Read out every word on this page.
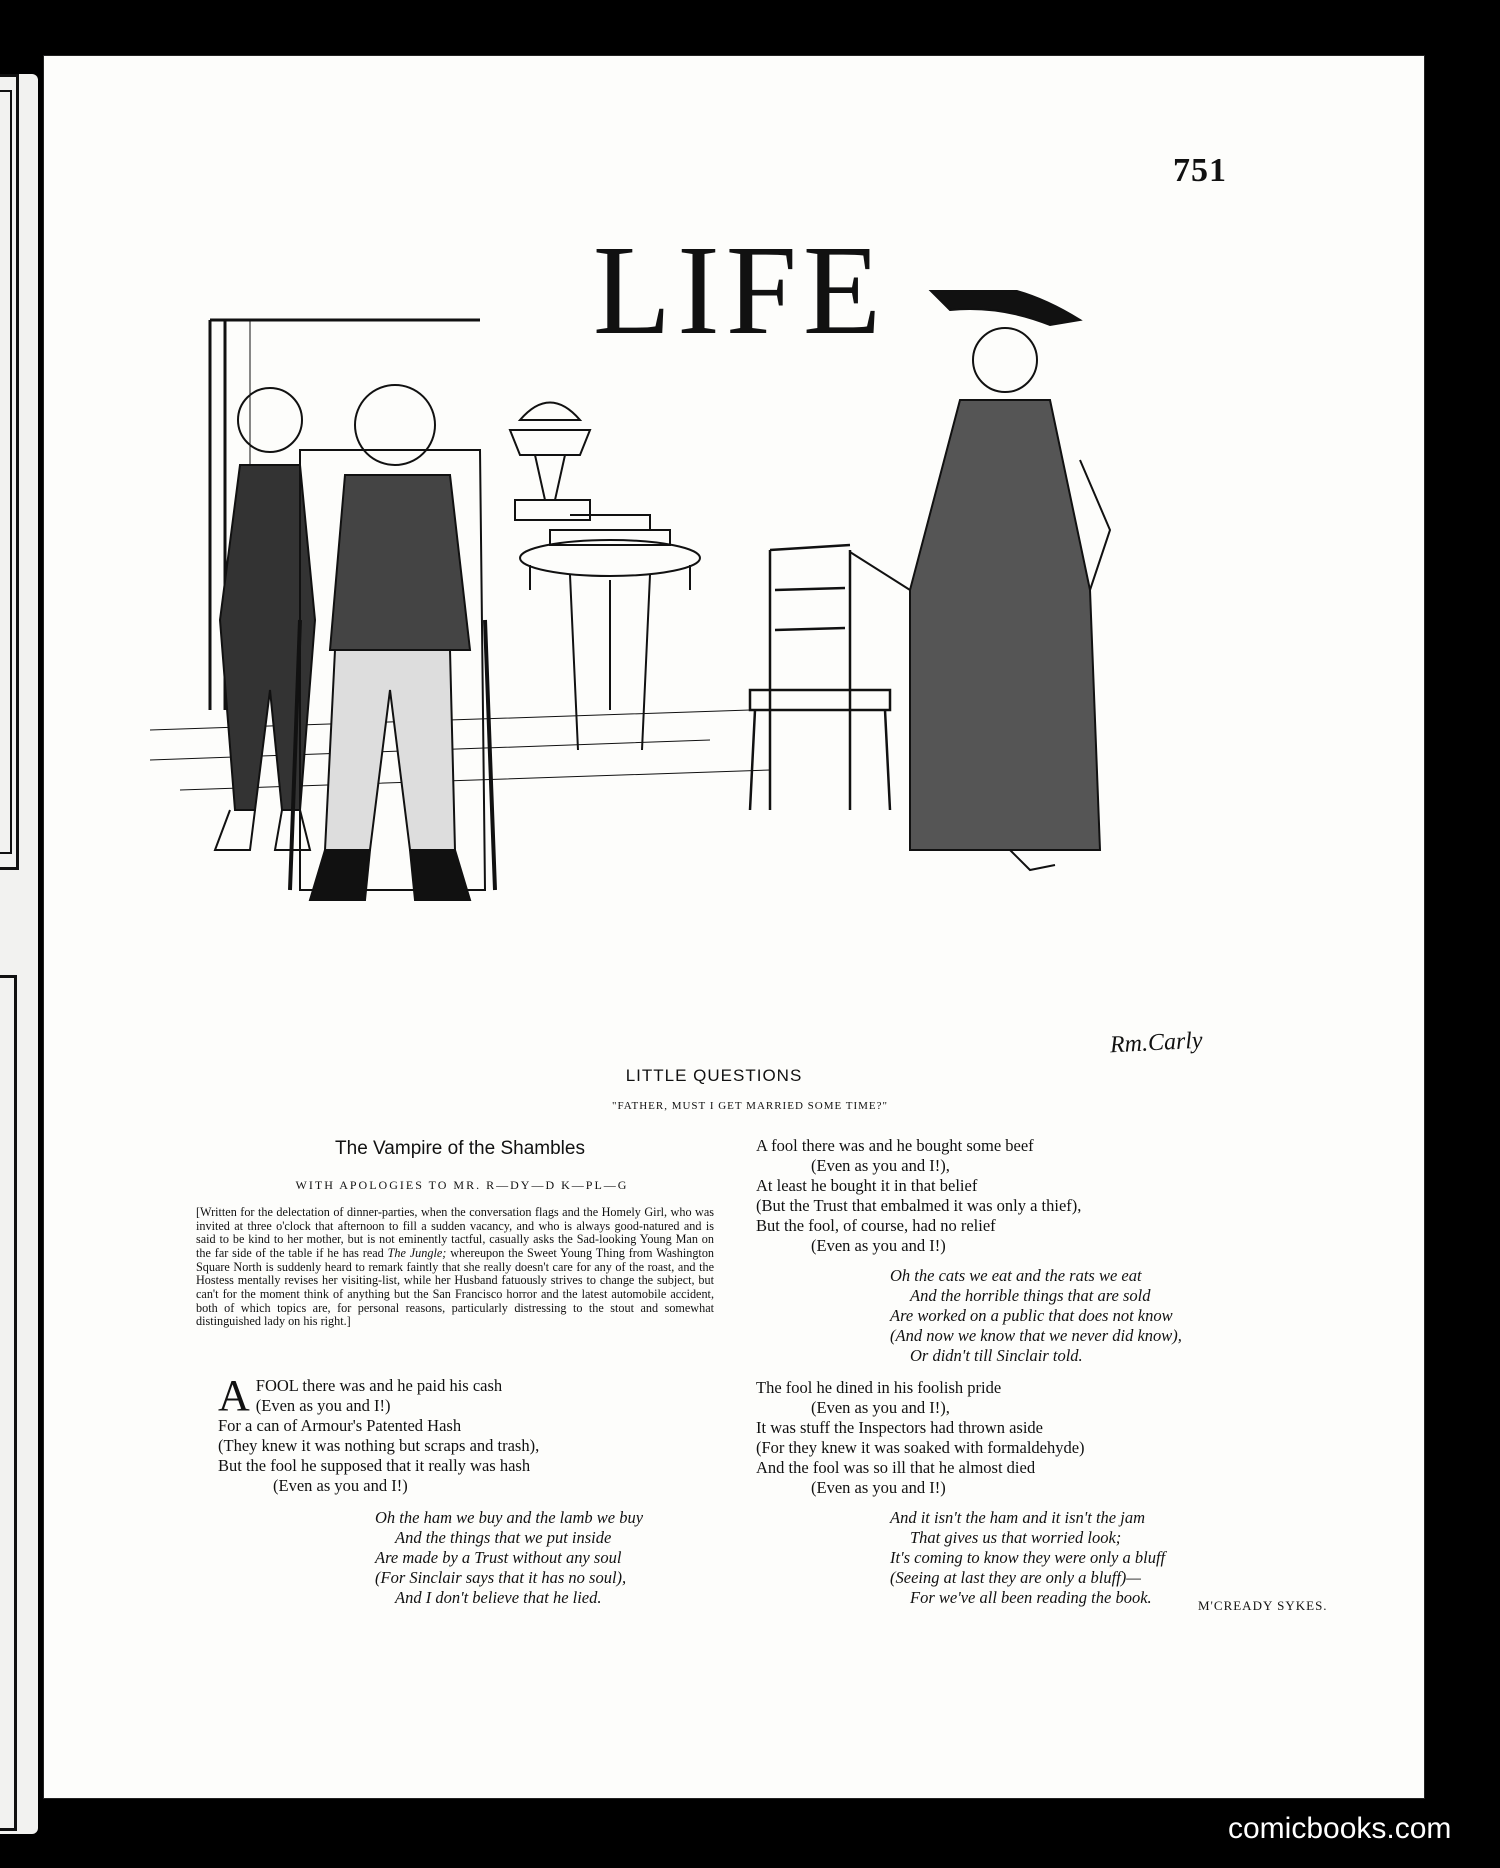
751
LIFE
Rm.Carly
LITTLE QUESTIONS
"FATHER, MUST I GET MARRIED SOME TIME?"
The Vampire of the Shambles
WITH APOLOGIES TO MR. R—DY—D K—PL—G
[Written for the delectation of dinner-parties, when the conversation flags and the Homely Girl, who was invited at three o'clock that afternoon to fill a sudden vacancy, and who is always good-natured and is said to be kind to her mother, but is not eminently tactful, casually asks the Sad-looking Young Man on the far side of the table if he has read The Jungle; whereupon the Sweet Young Thing from Washington Square North is suddenly heard to remark faintly that she really doesn't care for any of the roast, and the Hostess mentally revises her visiting-list, while her Husband fatuously strives to change the subject, but can't for the moment think of anything but the San Francisco horror and the latest automobile accident, both of which topics are, for personal reasons, particularly distressing to the stout and somewhat distinguished lady on his right.]
A FOOL there was and he paid his cash
(Even as you and I!)
For a can of Armour's Patented Hash
(They knew it was nothing but scraps and trash),
But the fool he supposed that it really was hash
(Even as you and I!)
Oh the ham we buy and the lamb we buy
And the things that we put inside
Are made by a Trust without any soul
(For Sinclair says that it has no soul),
And I don't believe that he lied.
A fool there was and he bought some beef
(Even as you and I!),
At least he bought it in that belief
(But the Trust that embalmed it was only a thief),
But the fool, of course, had no relief
(Even as you and I!)
Oh the cats we eat and the rats we eat
And the horrible things that are sold
Are worked on a public that does not know
(And now we know that we never did know),
Or didn't till Sinclair told.
The fool he dined in his foolish pride
(Even as you and I!),
It was stuff the Inspectors had thrown aside
(For they knew it was soaked with formaldehyde)
And the fool was so ill that he almost died
(Even as you and I!)
And it isn't the ham and it isn't the jam
That gives us that worried look;
It's coming to know they were only a bluff
(Seeing at last they are only a bluff)—
For we've all been reading the book.	M'CREADY SYKES.
comicbooks.com
